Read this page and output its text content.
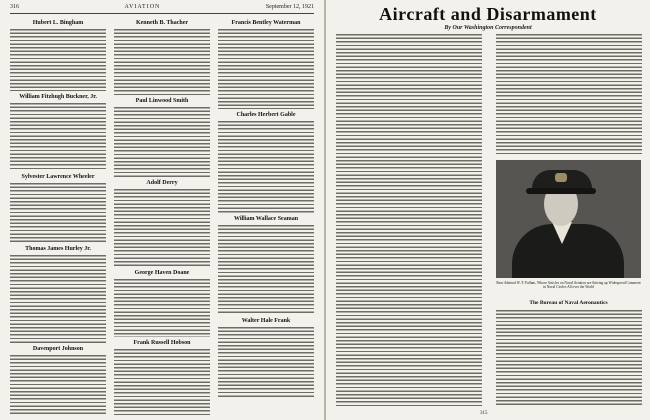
316	AVIATION	September 12, 1921
Hubert L. Bingham
William Fitzhugh Buckner, Jr.
Sylvester Lawrence Wheeler
Thomas James Hurley Jr.
Davenport Johnson
Kenneth B. Thacher
Paul Linwood Smith
Adolf Derry
George Haven Doane
Frank Russell Hobson
Francis Bentley Waterman
Charles Herbert Gable
William Wallace Seaman
Walter Hale Frank
Aircraft and Disarmament
By Our Washington Correspondent
Rear Admiral W. F. Fullam, Whose Articles on Naval Aviation are Stirring up Widespread Comment in Naval Circles All over the World
The Bureau of Naval Aeronautics
315
